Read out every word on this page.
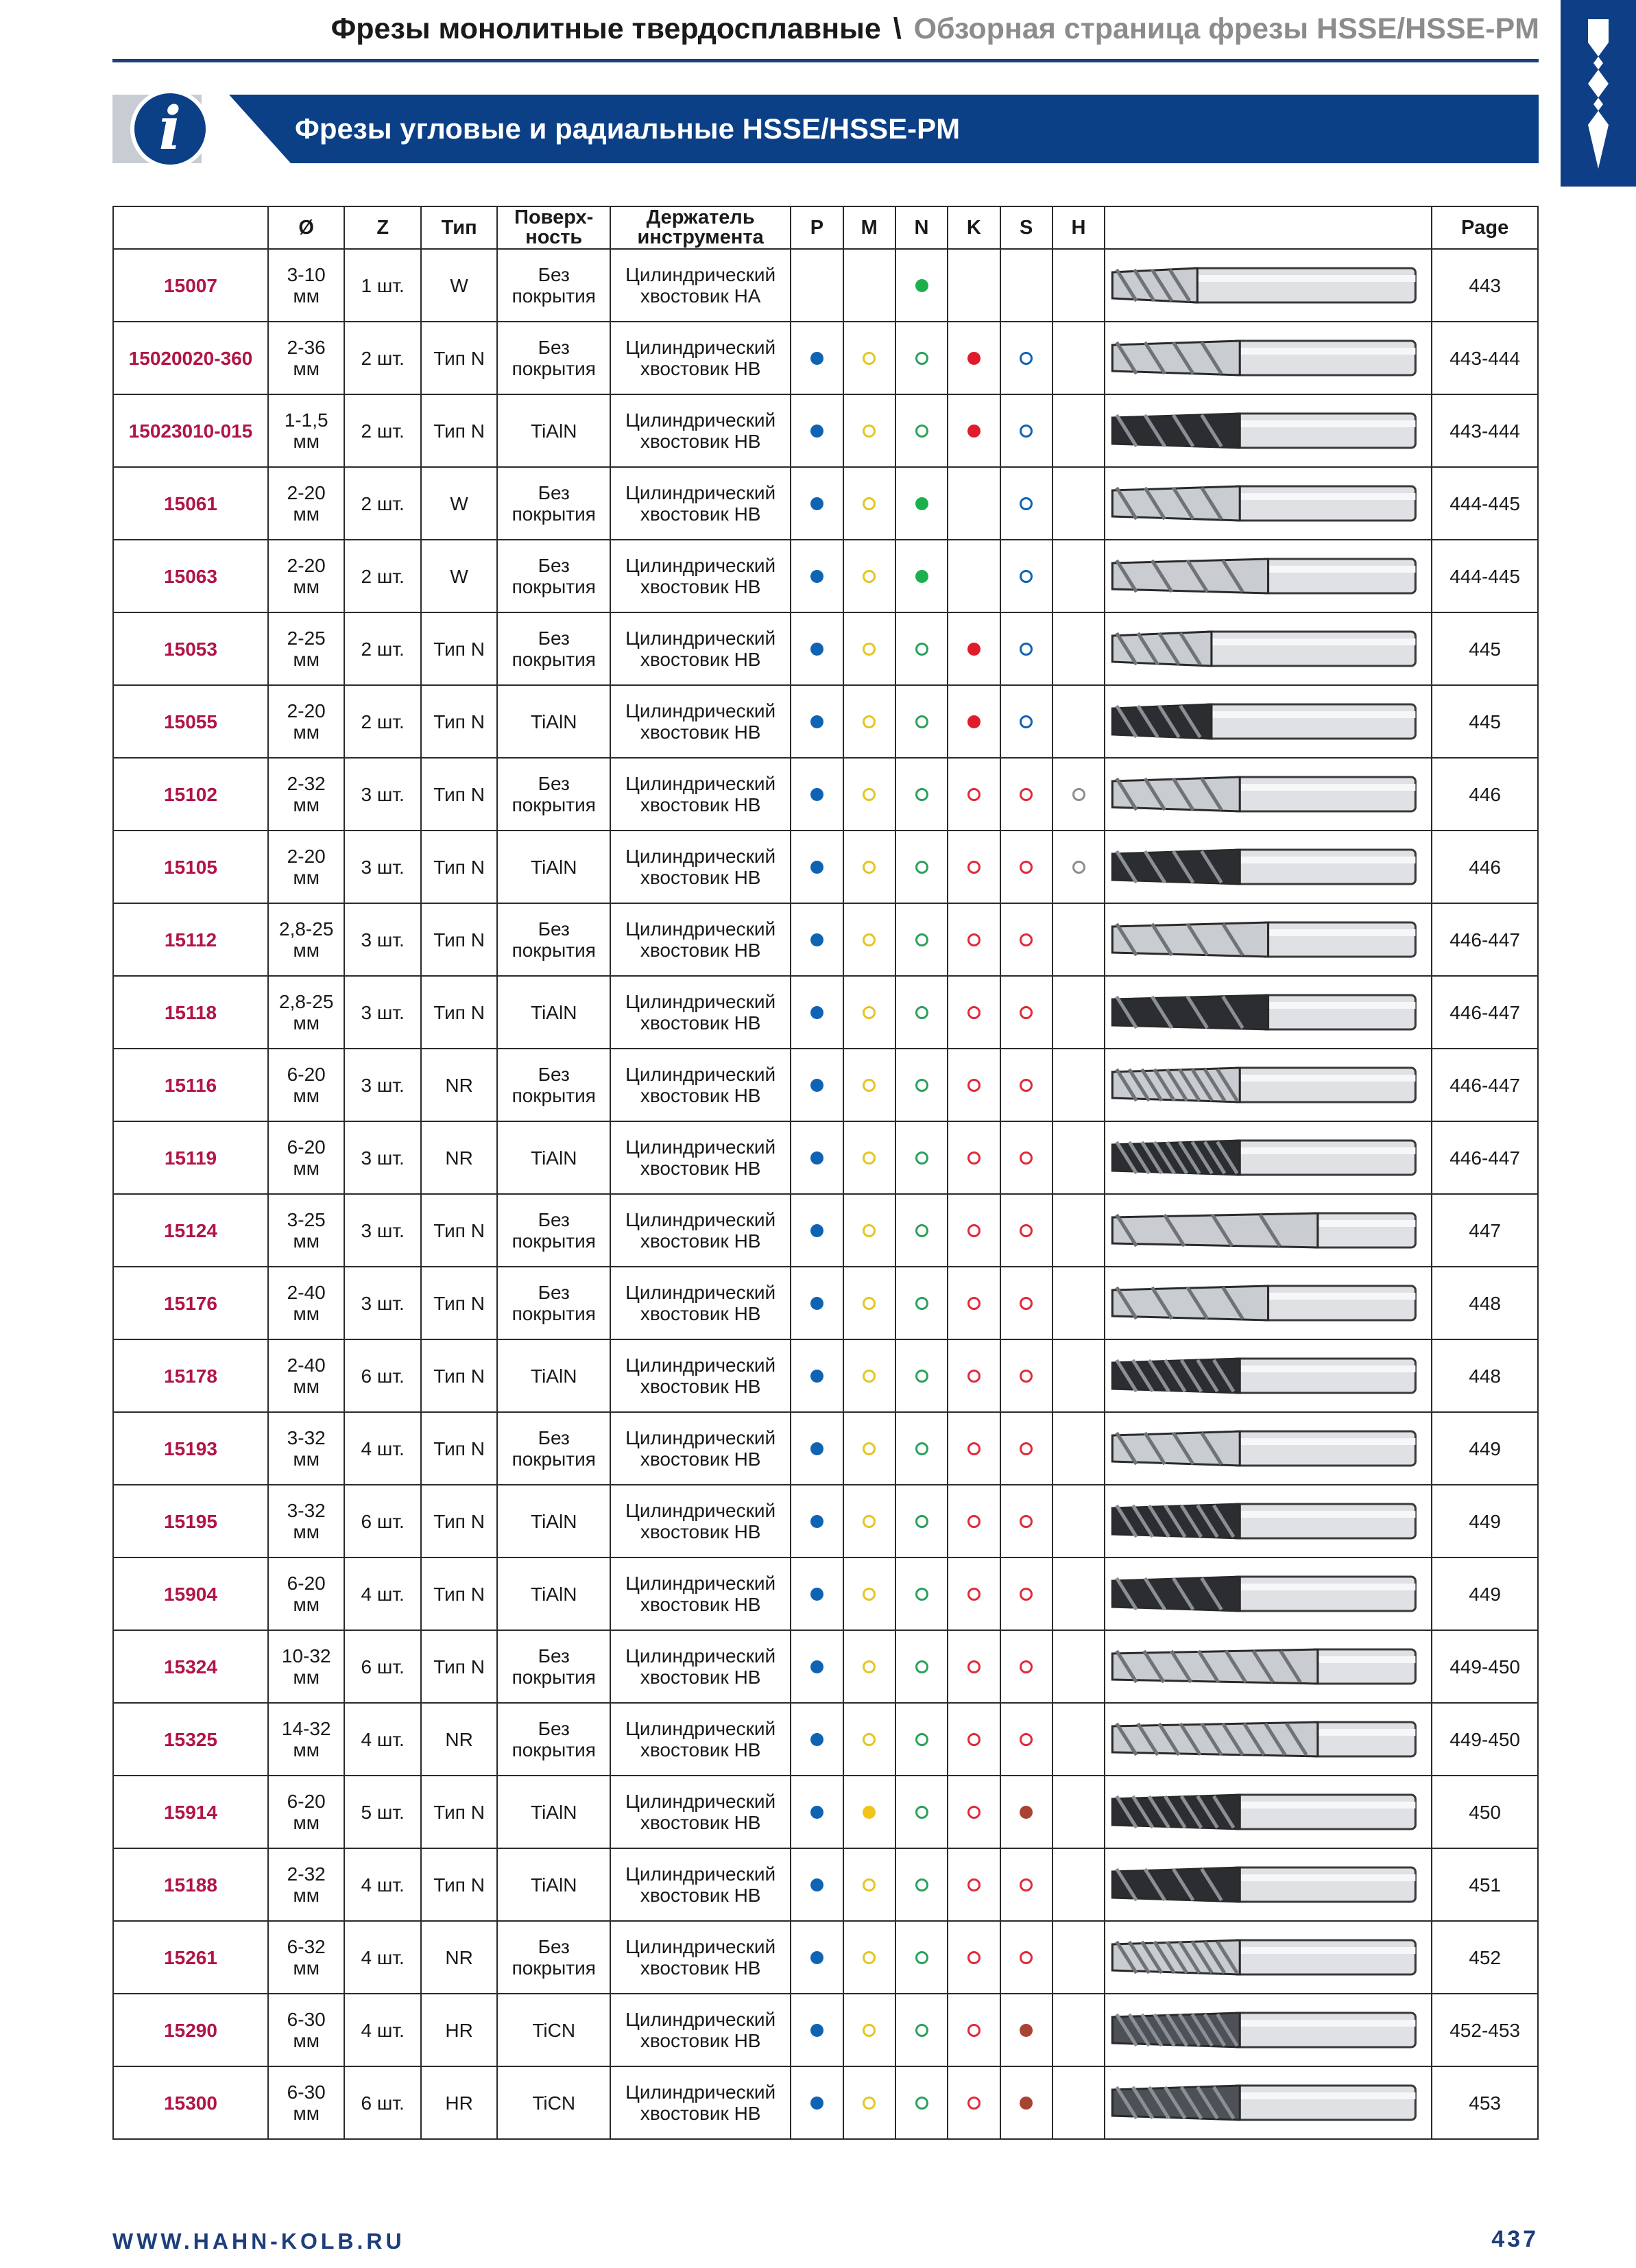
Фрезы монолитные твердосплавные \ Обзорная страница фрезы HSSE/HSSE-PM
i	Фрезы угловые и радиальные HSSE/HSSE-PM
	Ø	Z	Тип	Поверх-
ность	Держатель
инструмента	P	M	N	K	S	H		Page
15007	3-10
мм	1 шт.	W	Без
покрытия	Цилиндрический
хвостовик НА								443
15020020-360	2-36
мм	2 шт.	Тип N	Без
покрытия	Цилиндрический
хвостовик НВ								443-444
15023010-015	1-1,5
мм	2 шт.	Тип N	TiAlN	Цилиндрический
хвостовик НВ								443-444
15061	2-20
мм	2 шт.	W	Без
покрытия	Цилиндрический
хвостовик НВ								444-445
15063	2-20
мм	2 шт.	W	Без
покрытия	Цилиндрический
хвостовик НВ								444-445
15053	2-25
мм	2 шт.	Тип N	Без
покрытия	Цилиндрический
хвостовик НВ								445
15055	2-20
мм	2 шт.	Тип N	TiAlN	Цилиндрический
хвостовик НВ								445
15102	2-32
мм	3 шт.	Тип N	Без
покрытия	Цилиндрический
хвостовик НВ								446
15105	2-20
мм	3 шт.	Тип N	TiAlN	Цилиндрический
хвостовик НВ								446
15112	2,8-25
мм	3 шт.	Тип N	Без
покрытия	Цилиндрический
хвостовик НВ								446-447
15118	2,8-25
мм	3 шт.	Тип N	TiAlN	Цилиндрический
хвостовик НВ								446-447
15116	6-20
мм	3 шт.	NR	Без
покрытия	Цилиндрический
хвостовик НВ								446-447
15119	6-20
мм	3 шт.	NR	TiAlN	Цилиндрический
хвостовик НВ								446-447
15124	3-25
мм	3 шт.	Тип N	Без
покрытия	Цилиндрический
хвостовик НВ								447
15176	2-40
мм	3 шт.	Тип N	Без
покрытия	Цилиндрический
хвостовик НВ								448
15178	2-40
мм	6 шт.	Тип N	TiAlN	Цилиндрический
хвостовик НВ								448
15193	3-32
мм	4 шт.	Тип N	Без
покрытия	Цилиндрический
хвостовик НВ								449
15195	3-32
мм	6 шт.	Тип N	TiAlN	Цилиндрический
хвостовик НВ								449
15904	6-20
мм	4 шт.	Тип N	TiAlN	Цилиндрический
хвостовик НВ								449
15324	10-32
мм	6 шт.	Тип N	Без
покрытия	Цилиндрический
хвостовик НВ								449-450
15325	14-32
мм	4 шт.	NR	Без
покрытия	Цилиндрический
хвостовик НВ								449-450
15914	6-20
мм	5 шт.	Тип N	TiAlN	Цилиндрический
хвостовик НВ								450
15188	2-32
мм	4 шт.	Тип N	TiAlN	Цилиндрический
хвостовик НВ								451
15261	6-32
мм	4 шт.	NR	Без
покрытия	Цилиндрический
хвостовик НВ								452
15290	6-30
мм	4 шт.	HR	TiCN	Цилиндрический
хвостовик НВ								452-453
15300	6-30
мм	6 шт.	HR	TiCN	Цилиндрический
хвостовик НВ								453
WWW.HAHN-KOLB.RU	437
